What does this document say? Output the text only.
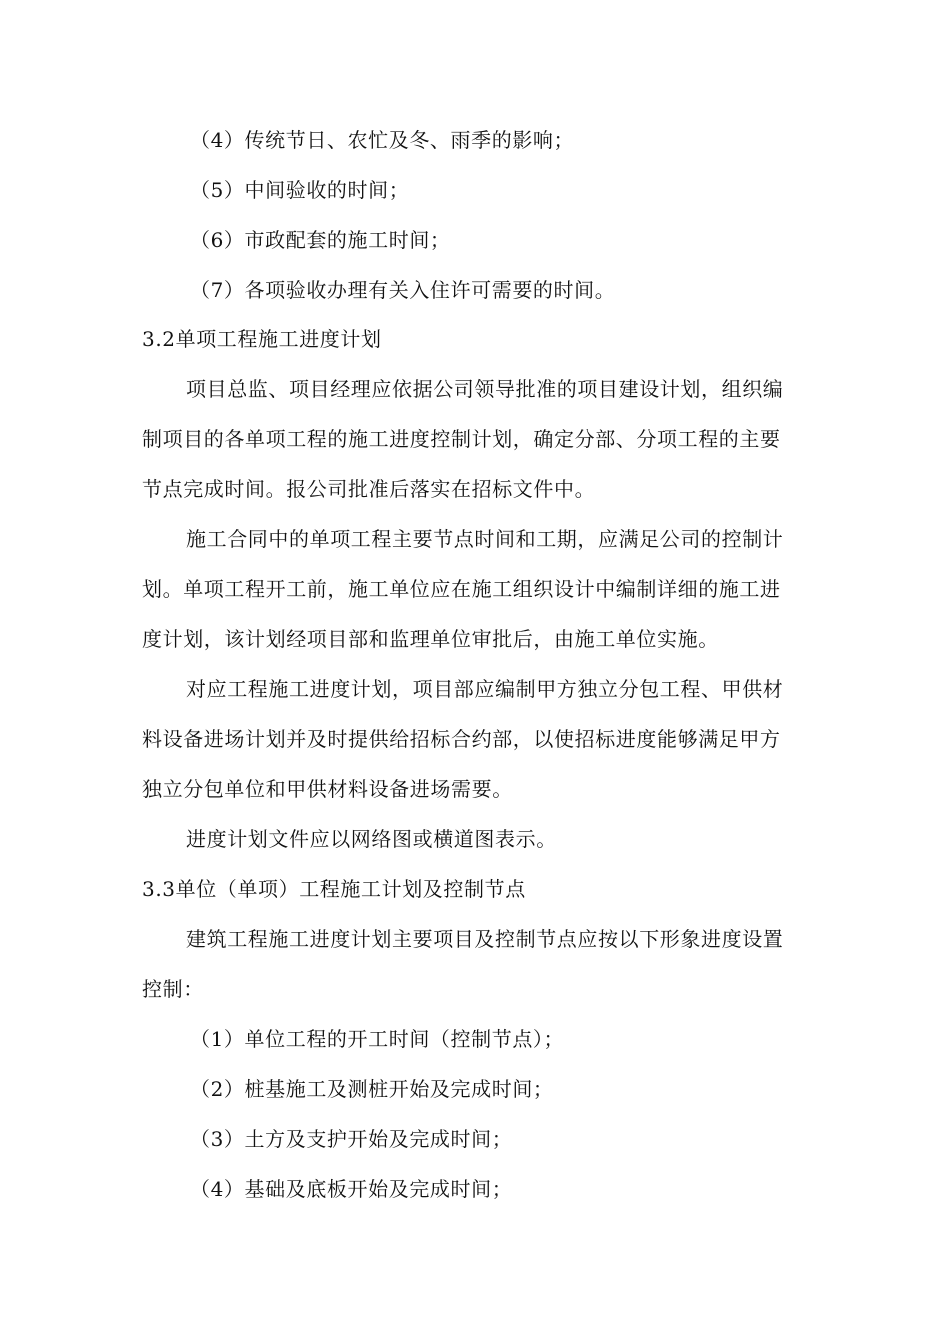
（4）传统节日、农忙及冬、雨季的影响；
（5）中间验收的时间；
（6）市政配套的施工时间；
（7）各项验收办理有关入住许可需要的时间。
3.2单项工程施工进度计划
项目总监、项目经理应依据公司领导批准的项目建设计划，组织编
制项目的各单项工程的施工进度控制计划，确定分部、分项工程的主要
节点完成时间。报公司批准后落实在招标文件中。
施工合同中的单项工程主要节点时间和工期，应满足公司的控制计
划。单项工程开工前，施工单位应在施工组织设计中编制详细的施工进
度计划，该计划经项目部和监理单位审批后，由施工单位实施。
对应工程施工进度计划，项目部应编制甲方独立分包工程、甲供材
料设备进场计划并及时提供给招标合约部，以使招标进度能够满足甲方
独立分包单位和甲供材料设备进场需要。
进度计划文件应以网络图或横道图表示。
3.3单位（单项）工程施工计划及控制节点
建筑工程施工进度计划主要项目及控制节点应按以下形象进度设置
控制：
（1）单位工程的开工时间（控制节点）；
（2）桩基施工及测桩开始及完成时间；
（3）土方及支护开始及完成时间；
（4）基础及底板开始及完成时间；
